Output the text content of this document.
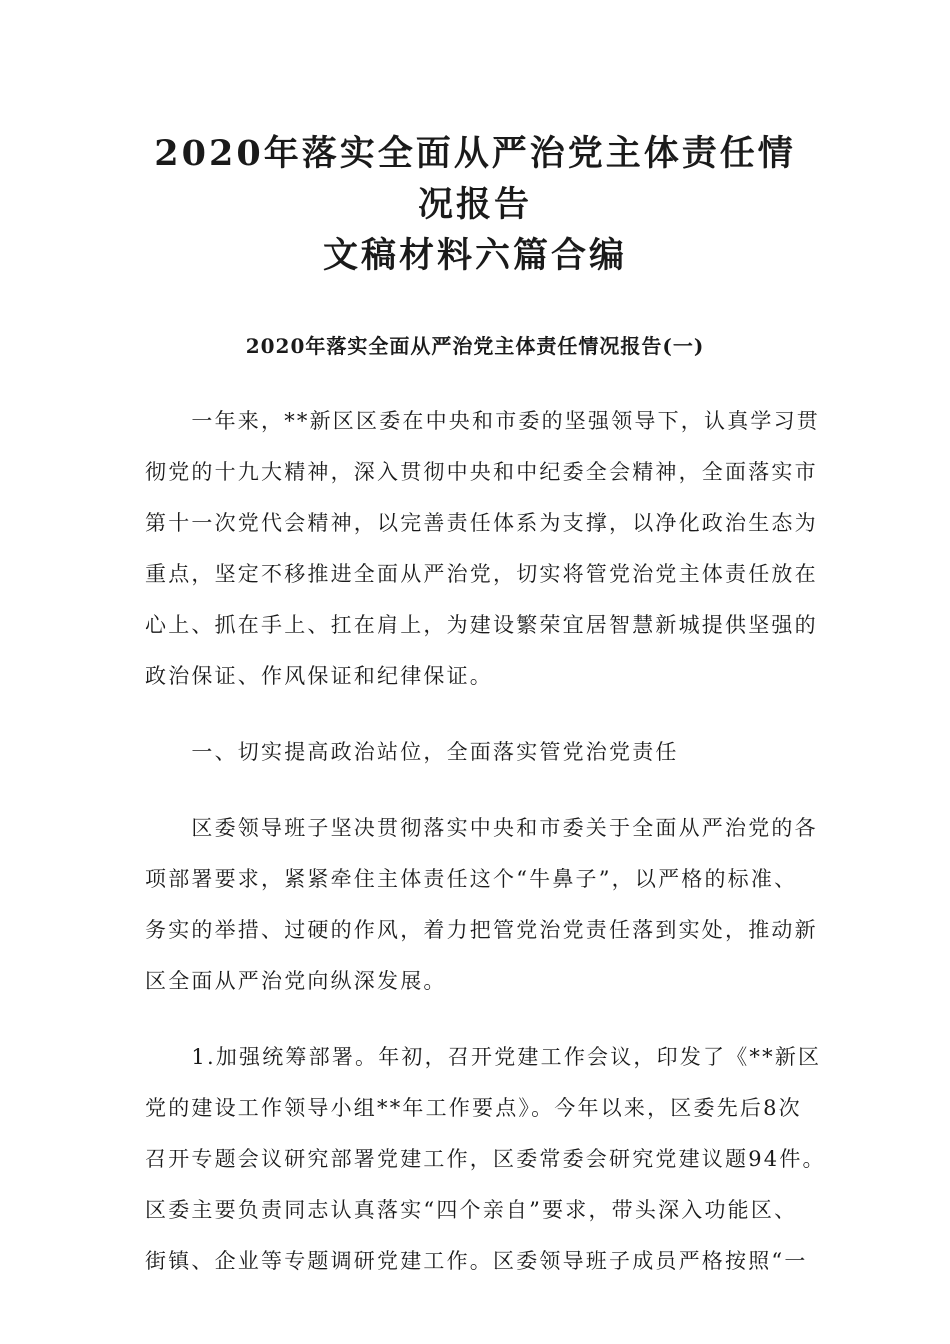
2020年落实全面从严治党主体责任情况报告
文稿材料六篇合编
2020年落实全面从严治党主体责任情况报告(一)

　　一年来，**新区区委在中央和市委的坚强领导下，认真学习贯
彻党的十九大精神，深入贯彻中央和中纪委全会精神，全面落实市
第十一次党代会精神，以完善责任体系为支撑，以净化政治生态为
重点，坚定不移推进全面从严治党，切实将管党治党主体责任放在
心上、抓在手上、扛在肩上，为建设繁荣宜居智慧新城提供坚强的
政治保证、作风保证和纪律保证。

　　一、切实提高政治站位，全面落实管党治党责任

　　区委领导班子坚决贯彻落实中央和市委关于全面从严治党的各
项部署要求，紧紧牵住主体责任这个“牛鼻子”，以严格的标准、
务实的举措、过硬的作风，着力把管党治党责任落到实处，推动新
区全面从严治党向纵深发展。

　　1.加强统筹部署。年初，召开党建工作会议，印发了《**新区
党的建设工作领导小组**年工作要点》。今年以来，区委先后8次
召开专题会议研究部署党建工作，区委常委会研究党建议题94件。
区委主要负责同志认真落实“四个亲自”要求，带头深入功能区、
街镇、企业等专题调研党建工作。区委领导班子成员严格按照“一
